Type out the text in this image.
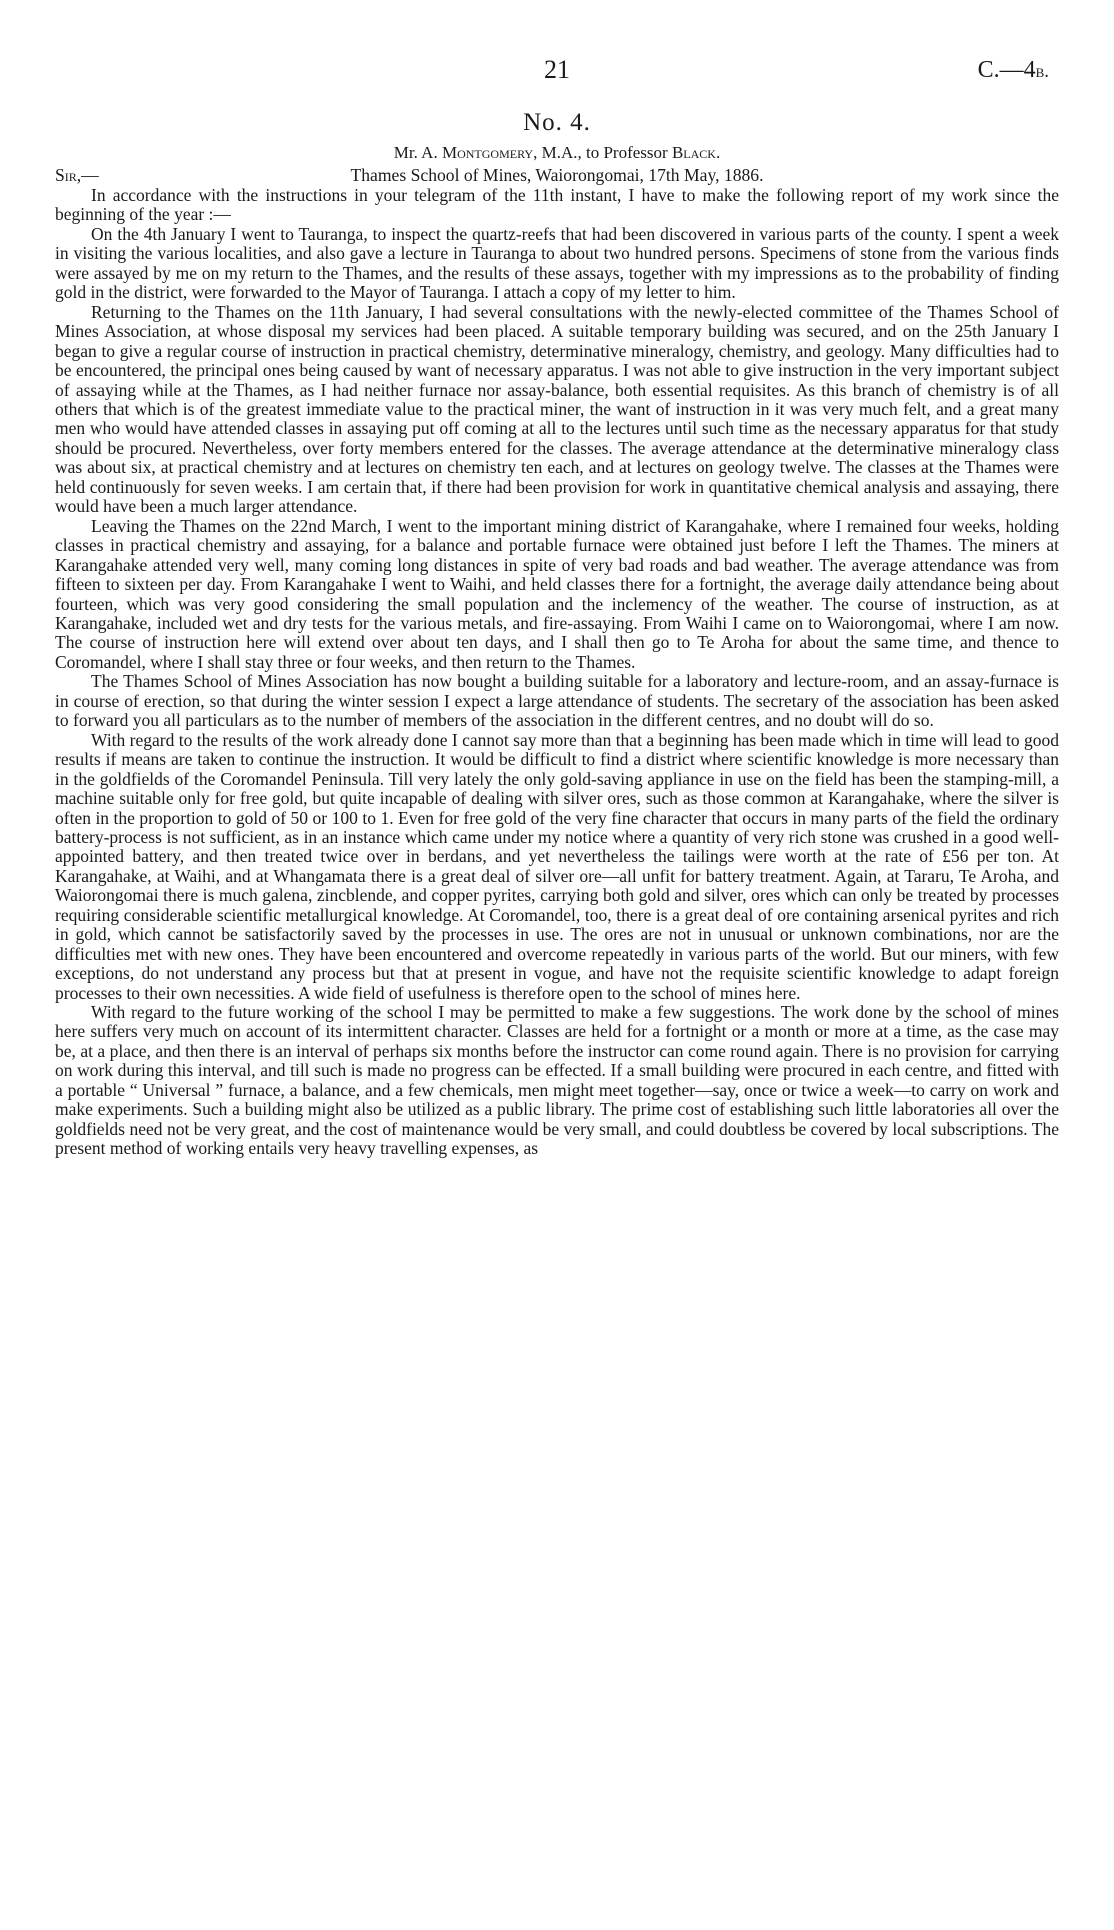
21	C.—4b.
No. 4.
Mr. A. Montgomery, M.A., to Professor Black.
Sir,—	Thames School of Mines, Waiorongomai, 17th May, 1886.

In accordance with the instructions in your telegram of the 11th instant, I have to make the following report of my work since the beginning of the year :—

On the 4th January I went to Tauranga, to inspect the quartz-reefs that had been discovered in various parts of the county. I spent a week in visiting the various localities, and also gave a lecture in Tauranga to about two hundred persons. Specimens of stone from the various finds were assayed by me on my return to the Thames, and the results of these assays, together with my impressions as to the probability of finding gold in the district, were forwarded to the Mayor of Tauranga. I attach a copy of my letter to him.

Returning to the Thames on the 11th January, I had several consultations with the newly-elected committee of the Thames School of Mines Association, at whose disposal my services had been placed. A suitable temporary building was secured, and on the 25th January I began to give a regular course of instruction in practical chemistry, determinative mineralogy, chemistry, and geology. Many difficulties had to be encountered, the principal ones being caused by want of necessary apparatus. I was not able to give instruction in the very important subject of assaying while at the Thames, as I had neither furnace nor assay-balance, both essential requisites. As this branch of chemistry is of all others that which is of the greatest immediate value to the practical miner, the want of instruction in it was very much felt, and a great many men who would have attended classes in assaying put off coming at all to the lectures until such time as the necessary apparatus for that study should be procured. Nevertheless, over forty members entered for the classes. The average attendance at the determinative mineralogy class was about six, at practical chemistry and at lectures on chemistry ten each, and at lectures on geology twelve. The classes at the Thames were held continuously for seven weeks. I am certain that, if there had been provision for work in quantitative chemical analysis and assaying, there would have been a much larger attendance.

Leaving the Thames on the 22nd March, I went to the important mining district of Karangahake, where I remained four weeks, holding classes in practical chemistry and assaying, for a balance and portable furnace were obtained just before I left the Thames. The miners at Karangahake attended very well, many coming long distances in spite of very bad roads and bad weather. The average attendance was from fifteen to sixteen per day. From Karangahake I went to Waihi, and held classes there for a fortnight, the average daily attendance being about fourteen, which was very good considering the small population and the inclemency of the weather. The course of instruction, as at Karangahake, included wet and dry tests for the various metals, and fire-assaying. From Waihi I came on to Waiorongomai, where I am now. The course of instruction here will extend over about ten days, and I shall then go to Te Aroha for about the same time, and thence to Coromandel, where I shall stay three or four weeks, and then return to the Thames.

The Thames School of Mines Association has now bought a building suitable for a laboratory and lecture-room, and an assay-furnace is in course of erection, so that during the winter session I expect a large attendance of students. The secretary of the association has been asked to forward you all particulars as to the number of members of the association in the different centres, and no doubt will do so.

With regard to the results of the work already done I cannot say more than that a beginning has been made which in time will lead to good results if means are taken to continue the instruction. It would be difficult to find a district where scientific knowledge is more necessary than in the goldfields of the Coromandel Peninsula. Till very lately the only gold-saving appliance in use on the field has been the stamping-mill, a machine suitable only for free gold, but quite incapable of dealing with silver ores, such as those common at Karangahake, where the silver is often in the proportion to gold of 50 or 100 to 1. Even for free gold of the very fine character that occurs in many parts of the field the ordinary battery-process is not sufficient, as in an instance which came under my notice where a quantity of very rich stone was crushed in a good well-appointed battery, and then treated twice over in berdans, and yet nevertheless the tailings were worth at the rate of £56 per ton. At Karangahake, at Waihi, and at Whangamata there is a great deal of silver ore—all unfit for battery treatment. Again, at Tararu, Te Aroha, and Waiorongomai there is much galena, zincblende, and copper pyrites, carrying both gold and silver, ores which can only be treated by processes requiring considerable scientific metallurgical knowledge. At Coromandel, too, there is a great deal of ore containing arsenical pyrites and rich in gold, which cannot be satisfactorily saved by the processes in use. The ores are not in unusual or unknown combinations, nor are the difficulties met with new ones. They have been encountered and overcome repeatedly in various parts of the world. But our miners, with few exceptions, do not understand any process but that at present in vogue, and have not the requisite scientific knowledge to adapt foreign processes to their own necessities. A wide field of usefulness is therefore open to the school of mines here.

With regard to the future working of the school I may be permitted to make a few suggestions. The work done by the school of mines here suffers very much on account of its intermittent character. Classes are held for a fortnight or a month or more at a time, as the case may be, at a place, and then there is an interval of perhaps six months before the instructor can come round again. There is no provision for carrying on work during this interval, and till such is made no progress can be effected. If a small building were procured in each centre, and fitted with a portable “ Universal ” furnace, a balance, and a few chemicals, men might meet together—say, once or twice a week—to carry on work and make experiments. Such a building might also be utilized as a public library. The prime cost of establishing such little laboratories all over the goldfields need not be very great, and the cost of maintenance would be very small, and could doubtless be covered by local subscriptions. The present method of working entails very heavy travelling expenses, as
